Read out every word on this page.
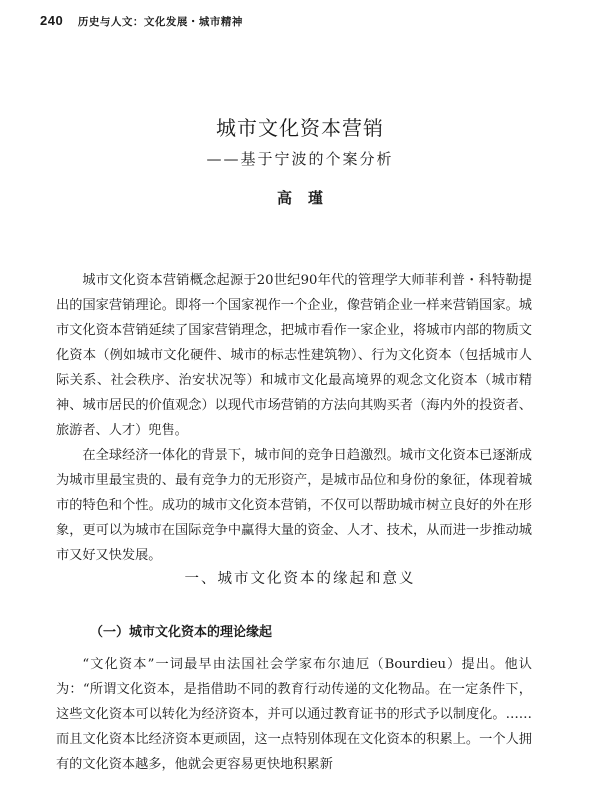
240 历史与人文：文化发展・城市精神
城市文化资本营销
——基于宁波的个案分析
高瑾

城市文化资本营销概念起源于20世纪90年代的管理学大师菲利普・科特勒提出的国家营销理论。即将一个国家视作一个企业，像营销企业一样来营销国家。城市文化资本营销延续了国家营销理念，把城市看作一家企业，将城市内部的物质文化资本（例如城市文化硬件、城市的标志性建筑物）、行为文化资本（包括城市人际关系、社会秩序、治安状况等）和城市文化最高境界的观念文化资本（城市精神、城市居民的价值观念）以现代市场营销的方法向其购买者（海内外的投资者、旅游者、人才）兜售。

在全球经济一体化的背景下，城市间的竞争日趋激烈。城市文化资本已逐渐成为城市里最宝贵的、最有竞争力的无形资产，是城市品位和身份的象征，体现着城市的特色和个性。成功的城市文化资本营销，不仅可以帮助城市树立良好的外在形象，更可以为城市在国际竞争中赢得大量的资金、人才、技术，从而进一步推动城市又好又快发展。

一、城市文化资本的缘起和意义
（一）城市文化资本的理论缘起

“文化资本”一词最早由法国社会学家布尔迪厄（Bourdieu）提出。他认为：“所谓文化资本，是指借助不同的教育行动传递的文化物品。在一定条件下，这些文化资本可以转化为经济资本，并可以通过教育证书的形式予以制度化。……而且文化资本比经济资本更顽固，这一点特别体现在文化资本的积累上。一个人拥有的文化资本越多，他就会更容易更快地积累新
